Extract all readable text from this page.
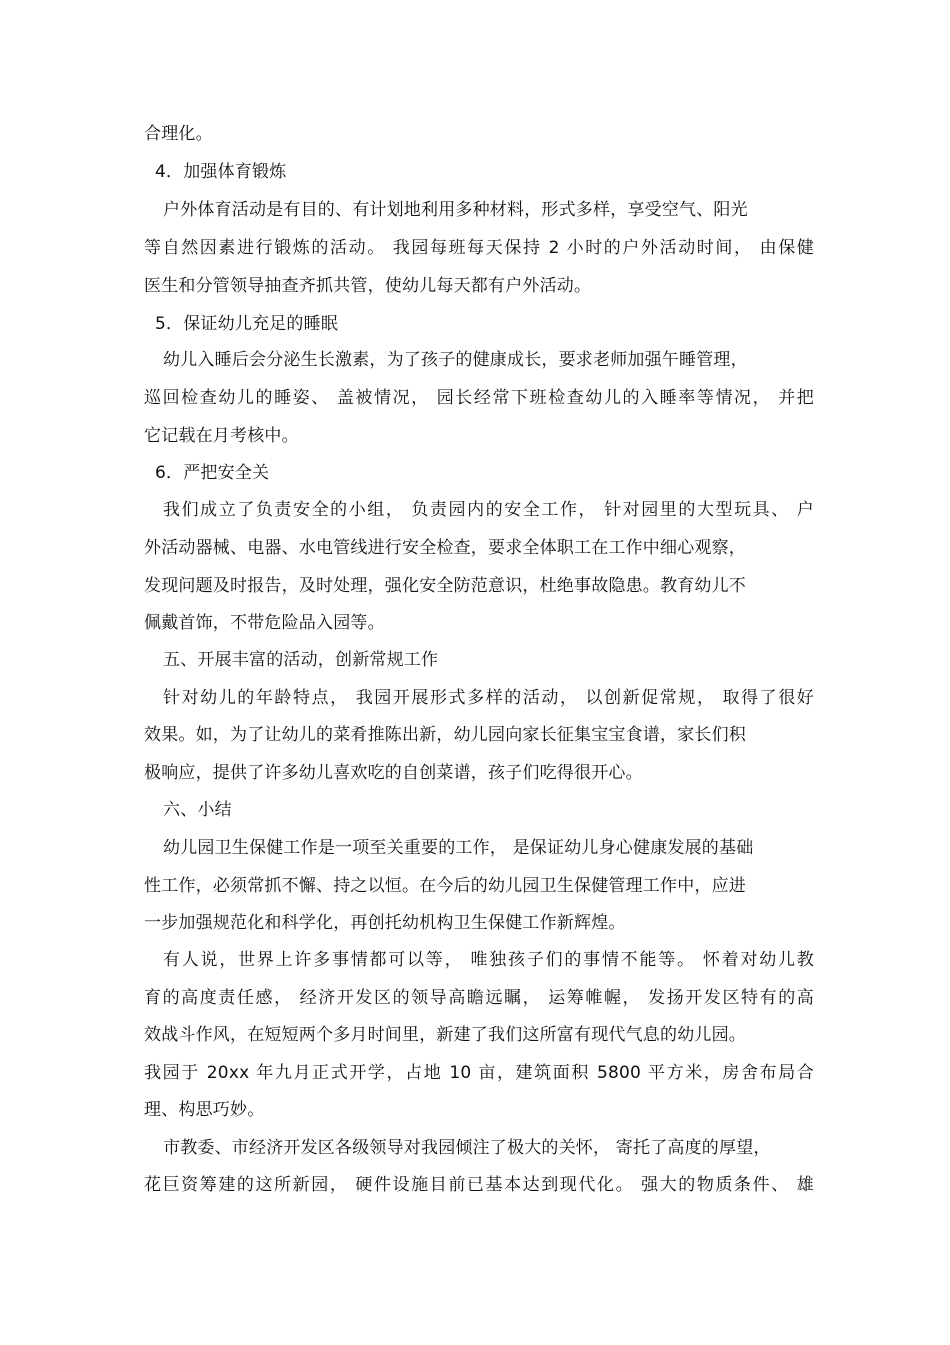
合理化。
4．加强体育锻炼
户外体育活动是有目的、有计划地利用多种材料，形式多样，享受空气、阳光
等自然因素进行锻炼的活动。 我园每班每天保持 2 小时的户外活动时间， 由保健
医生和分管领导抽查齐抓共管，使幼儿每天都有户外活动。
5．保证幼儿充足的睡眠
幼儿入睡后会分泌生长激素，为了孩子的健康成长，要求老师加强午睡管理，
巡回检查幼儿的睡姿、 盖被情况， 园长经常下班检查幼儿的入睡率等情况， 并把
它记载在月考核中。
6．严把安全关
我们成立了负责安全的小组， 负责园内的安全工作， 针对园里的大型玩具、 户
外活动器械、电器、水电管线进行安全检查，要求全体职工在工作中细心观察，
发现问题及时报告，及时处理，强化安全防范意识，杜绝事故隐患。教育幼儿不
佩戴首饰，不带危险品入园等。
五、开展丰富的活动，创新常规工作
针对幼儿的年龄特点， 我园开展形式多样的活动， 以创新促常规， 取得了很好
效果。如，为了让幼儿的菜肴推陈出新，幼儿园向家长征集宝宝食谱，家长们积
极响应，提供了许多幼儿喜欢吃的自创菜谱，孩子们吃得很开心。
六、小结
幼儿园卫生保健工作是一项至关重要的工作， 是保证幼儿身心健康发展的基础
性工作，必须常抓不懈、持之以恒。在今后的幼儿园卫生保健管理工作中，应进
一步加强规范化和科学化，再创托幼机构卫生保健工作新辉煌。
有人说，世界上许多事情都可以等， 唯独孩子们的事情不能等。 怀着对幼儿教
育的高度责任感， 经济开发区的领导高瞻远瞩， 运筹帷幄， 发扬开发区特有的高
效战斗作风，在短短两个多月时间里，新建了我们这所富有现代气息的幼儿园。
我园于 20xx 年九月正式开学，占地 10 亩，建筑面积 5800 平方米，房舍布局合
理、构思巧妙。
市教委、市经济开发区各级领导对我园倾注了极大的关怀， 寄托了高度的厚望，
花巨资筹建的这所新园， 硬件设施目前已基本达到现代化。 强大的物质条件、 雄
